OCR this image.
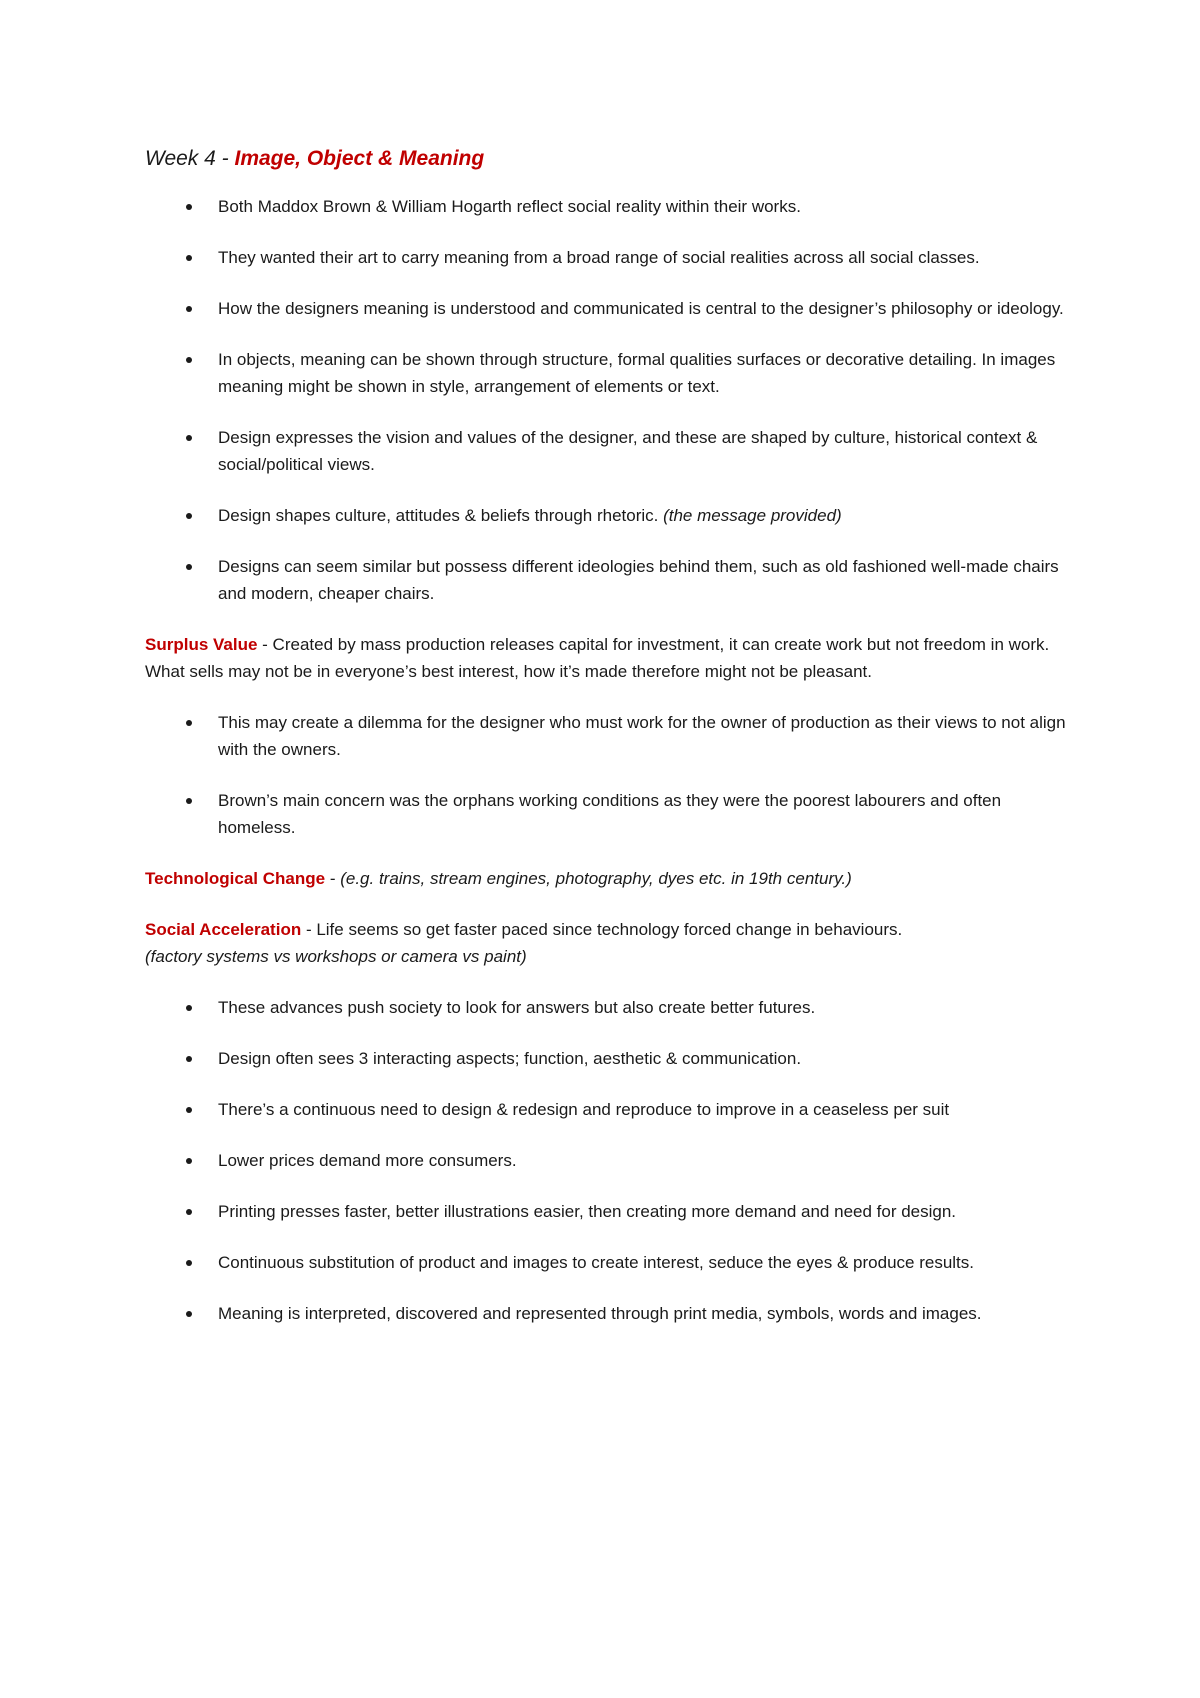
Week 4 - Image, Object & Meaning
Both Maddox Brown & William Hogarth reflect social reality within their works.
They wanted their art to carry meaning from a broad range of social realities across all social classes.
How the designers meaning is understood and communicated is central to the designer’s philosophy or ideology.
In objects, meaning can be shown through structure, formal qualities surfaces or decorative detailing. In images meaning might be shown in style, arrangement of elements or text.
Design expresses the vision and values of the designer, and these are shaped by culture, historical context & social/political views.
Design shapes culture, attitudes & beliefs through rhetoric. (the message provided)
Designs can seem similar but possess different ideologies behind them, such as old fashioned well-made chairs and modern, cheaper chairs.

Surplus Value - Created by mass production releases capital for investment, it can create work but not freedom in work. What sells may not be in everyone’s best interest, how it’s made therefore might not be pleasant.

This may create a dilemma for the designer who must work for the owner of production as their views to not align with the owners.
Brown’s main concern was the orphans working conditions as they were the poorest labourers and often homeless.

Technological Change - (e.g. trains, stream engines, photography, dyes etc. in 19th century.)

Social Acceleration - Life seems so get faster paced since technology forced change in behaviours.
(factory systems vs workshops or camera vs paint)

These advances push society to look for answers but also create better futures.
Design often sees 3 interacting aspects; function, aesthetic & communication.
There’s a continuous need to design & redesign and reproduce to improve in a ceaseless per suit
Lower prices demand more consumers.
Printing presses faster, better illustrations easier, then creating more demand and need for design.
Continuous substitution of product and images to create interest, seduce the eyes & produce results.
Meaning is interpreted, discovered and represented through print media, symbols, words and images.
